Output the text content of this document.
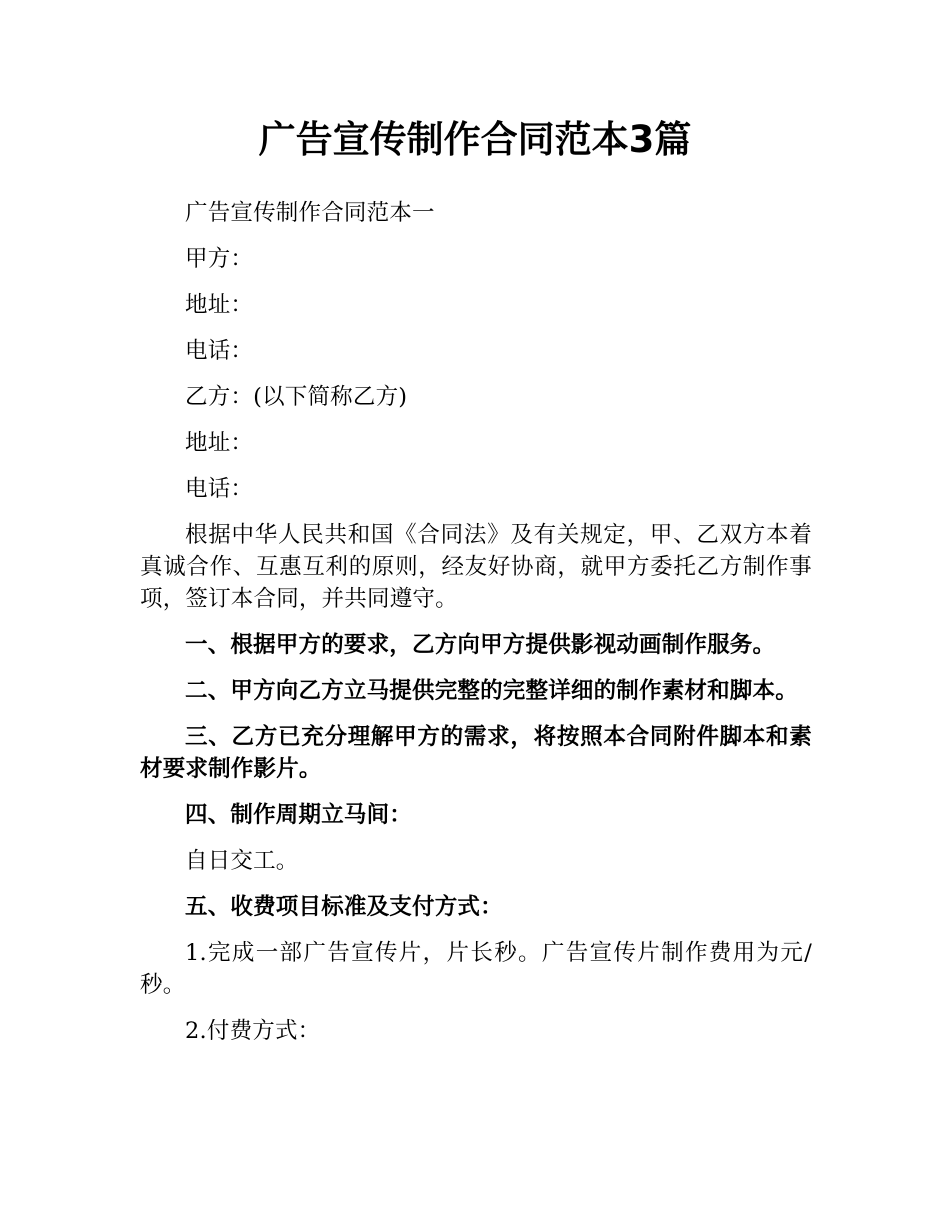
广告宣传制作合同范本3篇

广告宣传制作合同范本一

甲方：

地址：

电话：

乙方：(以下简称乙方)

地址：

电话：

根据中华人民共和国《合同法》及有关规定，甲、乙双方本着真诚合作、互惠互利的原则，经友好协商，就甲方委托乙方制作事项，签订本合同，并共同遵守。

一、根据甲方的要求，乙方向甲方提供影视动画制作服务。

二、甲方向乙方立马提供完整的完整详细的制作素材和脚本。

三、乙方已充分理解甲方的需求，将按照本合同附件脚本和素材要求制作影片。

四、制作周期立马间：

自日交工。

五、收费项目标准及支付方式：

1.完成一部广告宣传片，片长秒。广告宣传片制作费用为元/秒。

2.付费方式：
